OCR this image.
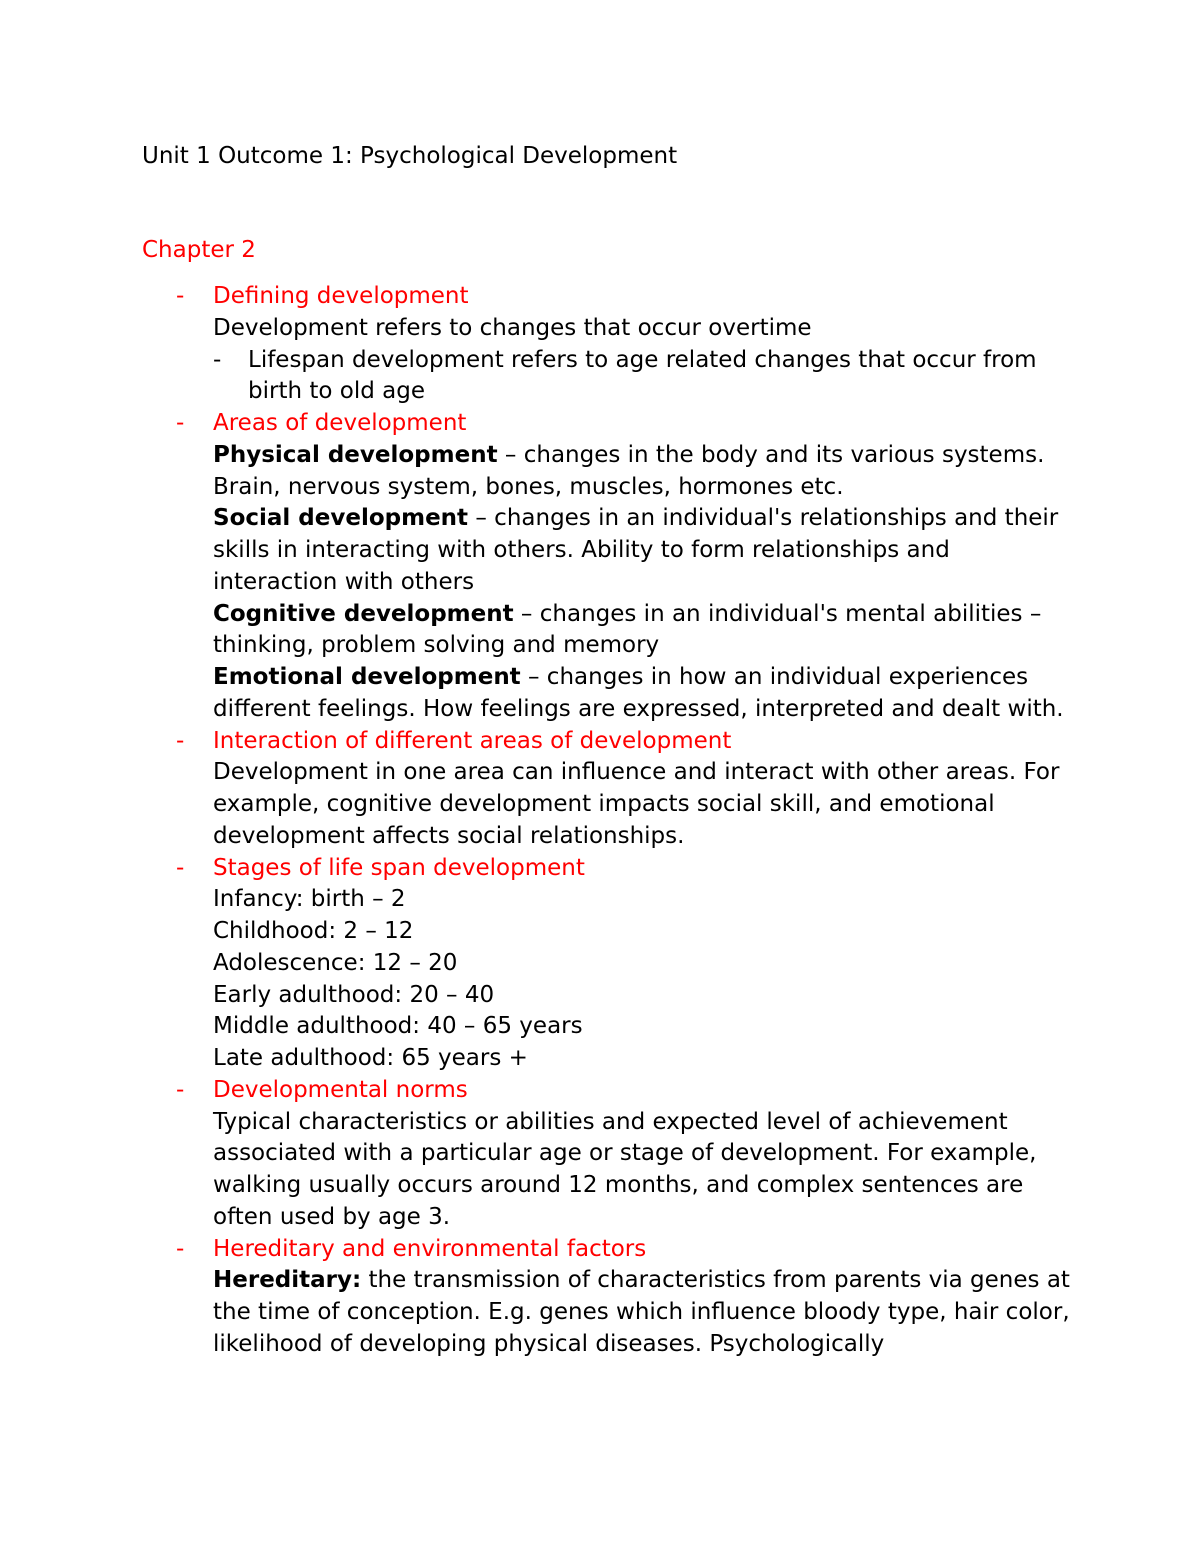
Unit 1 Outcome 1: Psychological Development
Chapter 2
- Defining development
Development refers to changes that occur overtime
- Lifespan development refers to age related changes that occur from birth to old age
- Areas of development
Physical development – changes in the body and its various systems. Brain, nervous system, bones, muscles, hormones etc.
Social development – changes in an individual's relationships and their skills in interacting with others. Ability to form relationships and interaction with others
Cognitive development – changes in an individual's mental abilities – thinking, problem solving and memory
Emotional development – changes in how an individual experiences different feelings. How feelings are expressed, interpreted and dealt with.
- Interaction of different areas of development
Development in one area can influence and interact with other areas. For example, cognitive development impacts social skill, and emotional development affects social relationships.
- Stages of life span development
Infancy: birth – 2
Childhood: 2 – 12
Adolescence: 12 – 20
Early adulthood: 20 – 40
Middle adulthood: 40 – 65 years
Late adulthood: 65 years +
- Developmental norms
Typical characteristics or abilities and expected level of achievement associated with a particular age or stage of development. For example, walking usually occurs around 12 months, and complex sentences are often used by age 3.
- Hereditary and environmental factors
Hereditary: the transmission of characteristics from parents via genes at the time of conception. E.g. genes which influence bloody type, hair color, likelihood of developing physical diseases. Psychologically
